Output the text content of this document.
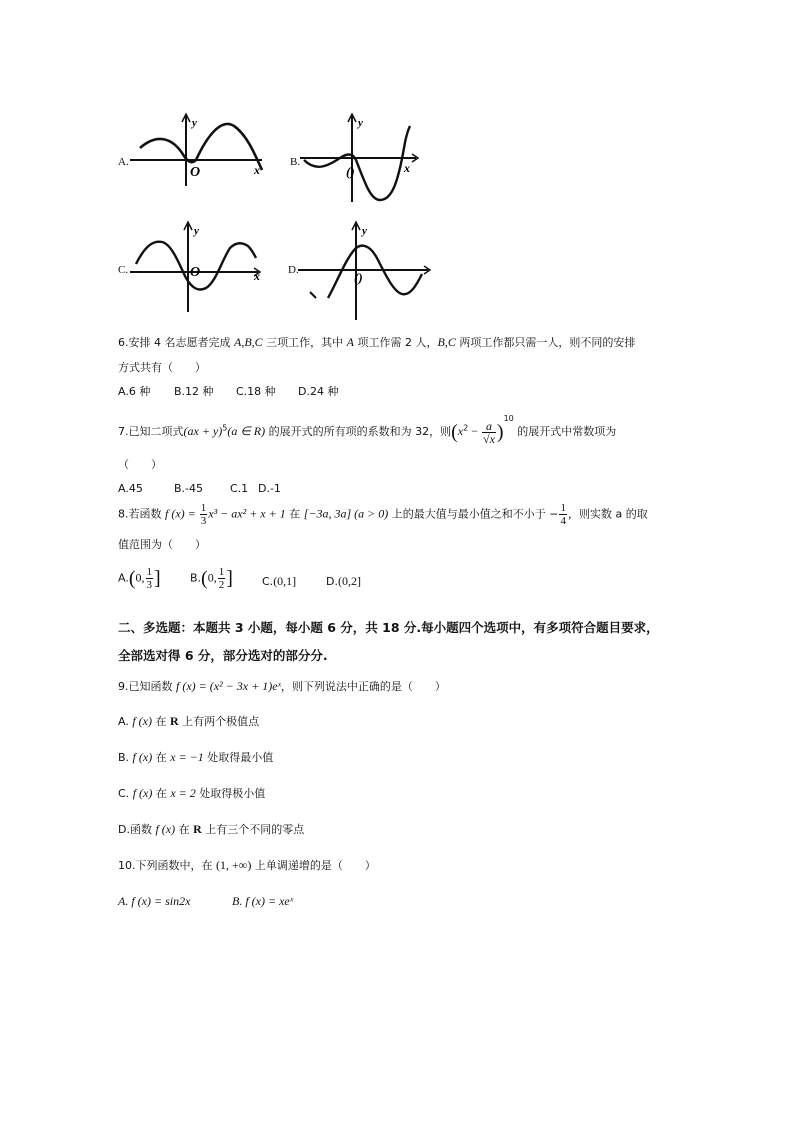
A.
y
O	x
B.
y
()	x
C.
y
O	x	D.
y
()
6.安排 4 名志愿者完成 A,B,C 三项工作，其中 A 项工作需 2 人，B,C 两项工作都只需一人，则不同的安排
方式共有（　　）
A.6 种 B.12 种 C.18 种 D.24 种
7.已知二项式(ax + y)$^5$(a ∈ R) 的展开式的所有项的系数和为 32，则$(x^2 - \frac{a}{√x} )^{10}$ 的展开式中常数项为
（　　）
A.45	B.-45 C.1 D.-1
8.若函数 f $(x) = \frac{1}{3} x^3 - ax^2 + x + 1$ 在 [−3a, 3a] (a > 0) 上的最大值与最小值之和不小于 − $\frac{1}{4}$ ，则实数 a 的取
值范围为（　　）
A.(0, $\frac{1}{3}$ ]	B.(0, $\frac{1}{2}$ ]	C.(0,1]	D.(0,2]
二、多选题：本题共 3 小题，每小题 6 分，共 18 分.每小题四个选项中，有多项符合题目要求，
全部选对得 6 分，部分选对的部分分.
9.已知函数 f (x) = (x² − 3x + 1)eˣ，则下列说法中正确的是（　　）
A. f (x) 在 R 上有两个极值点
B. f (x) 在 x = −1 处取得最小值
C. f (x) 在 x = 2 处取得极小值
D.函数 f (x) 在 R 上有三个不同的零点
10.下列函数中，在 (1, +∞) 上单调递增的是（　　）
A. f (x) = sin2x	B. f (x) = xeˣ
